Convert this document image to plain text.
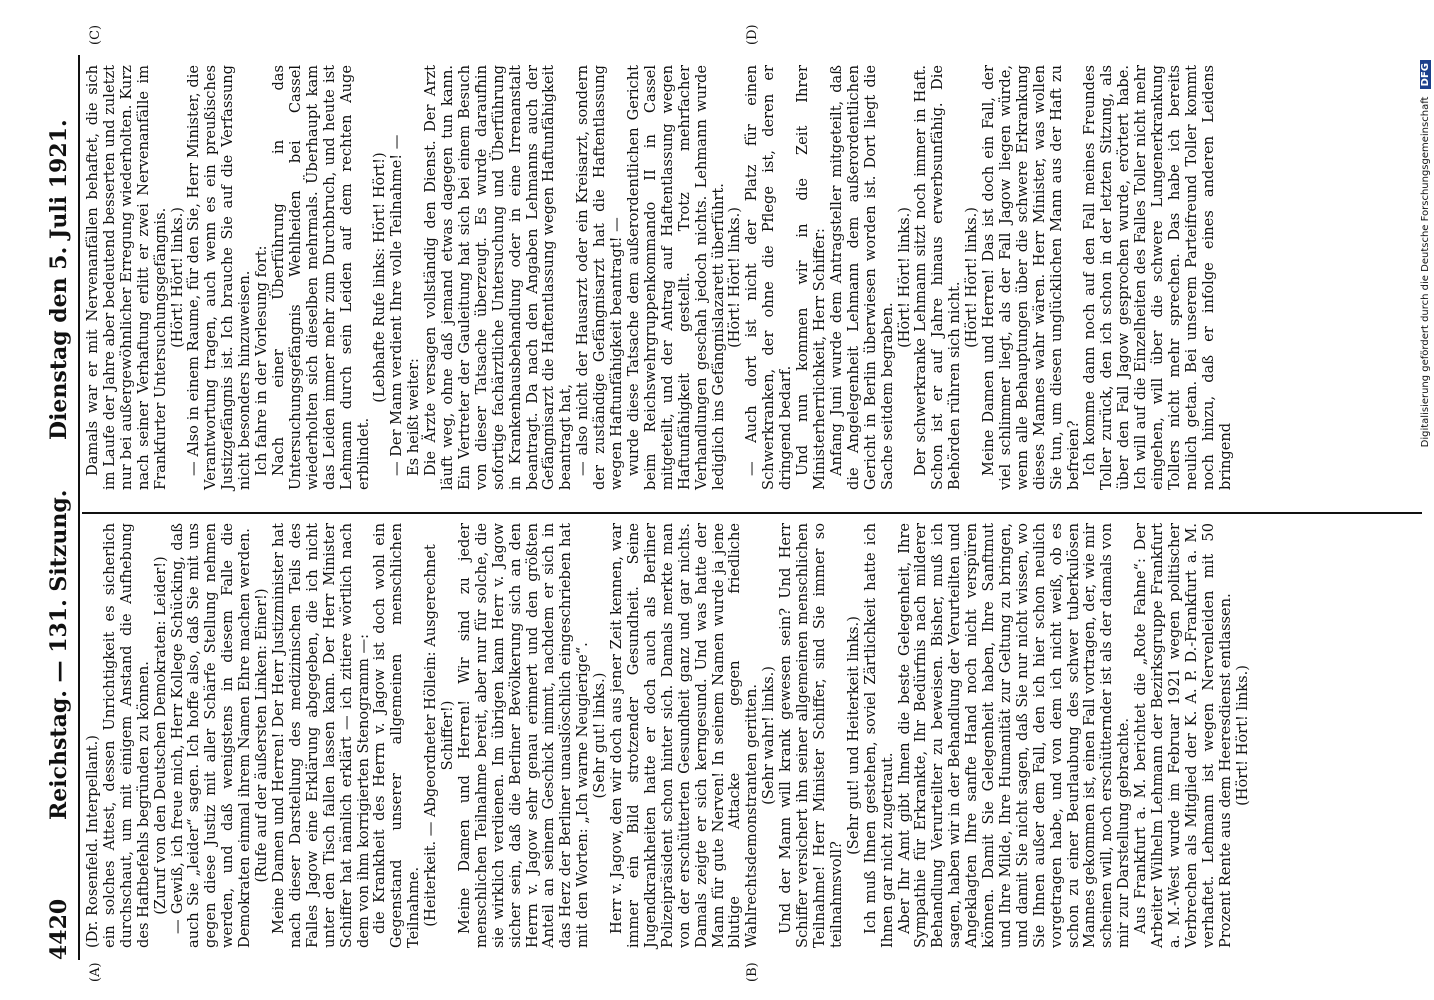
4420
Reichstag. — 131. Sitzung.
Dienstag den 5. Juli 1921.
(A)	(B)
(C)	(D)

(Dr. Rosenfeld. Interpellant.) ein solches Attest, dessen Unrichtigkeit es sicherlich durchschaut, um mit einigem Anstand die Aufhebung des Haftbefehls begründen zu können. (Zuruf von den Deutschen Demokraten: Leider!) — Gewiß, ich freue mich, Herr Kollege Schücking, daß auch Sie „leider“ sagen. Ich hoffe also, daß Sie mit uns gegen diese Justiz mit aller Schärfe Stellung nehmen werden, und daß wenigstens in diesem Falle die Demokraten einmal ihrem Namen Ehre machen werden. (Rufe auf der äußersten Linken: Einer!) Meine Damen und Herren! Der Herr Justizminister hat nach dieser Darstellung des medizinischen Teils des Falles Jagow eine Erklärung abgegeben, die ich nicht unter den Tisch fallen lassen kann. Der Herr Minister Schiffer hat nämlich erklärt — ich zitiere wörtlich nach dem von ihm korrigierten Stenogramm —: die Krankheit des Herrn v. Jagow ist doch wohl ein Gegenstand unserer allgemeinen menschlichen Teilnahme. (Heiterkeit. — Abgeordneter Höllein: Ausgerechnet Schiffer!) Meine Damen und Herren! Wir sind zu jeder menschlichen Teilnahme bereit, aber nur für solche, die sie wirklich verdienen. Im übrigen kann Herr v. Jagow sicher sein, daß die Berliner Bevölkerung sich an den Herrn v. Jagow sehr genau erinnert und den größten Anteil an seinem Geschick nimmt, nachdem er sich in das Herz der Berliner unauslöschlich eingeschrieben hat mit den Worten: „Ich warne Neugierige“. (Sehr gut! links.) Herr v. Jagow, den wir doch aus jener Zeit kennen, war immer ein Bild strotzender Gesundheit. Seine Jugendkrankheiten hatte er doch auch als Berliner Polizeipräsident schon hinter sich. Damals merkte man von der erschütterten Gesundheit ganz und gar nichts. Damals zeigte er sich kerngesund. Und was hatte der Mann für gute Nerven! In seinem Namen wurde ja jene blutige Attacke gegen friedliche Wahlrechtsdemonstranten geritten. (Sehr wahr! links.) Und der Mann will krank gewesen sein? Und Herr Schiffer versichert ihn seiner allgemeinen menschlichen Teilnahme! Herr Minister Schiffer, sind Sie immer so teilnahmsvoll?

(Sehr gut! und Heiterkeit links.) Ich muß Ihnen gestehen, soviel Zärtlichkeit hatte ich Ihnen gar nicht zugetraut. Aber Ihr Amt gibt Ihnen die beste Gelegenheit, Ihre Sympathie für Erkrankte, Ihr Bedürfnis nach milderer Behandlung Verurteilter zu beweisen. Bisher, muß ich sagen, haben wir in der Behandlung der Verurteilten und Angeklagten Ihre sanfte Hand noch nicht verspüren können. Damit Sie Gelegenheit haben, Ihre Sanftmut und Ihre Milde, Ihre Humanität zur Geltung zu bringen, und damit Sie nicht sagen, daß Sie nur nicht wissen, wo Sie Ihnen außer dem Fall, den ich hier schon neulich vorgetragen habe, und von dem ich nicht weiß, ob es schon zu einer Beurlaubung des schwer tuberkulösen Mannes gekommen ist, einen Fall vortragen, der, wie mir scheinen will, noch erschütternder ist als der damals von mir zur Darstellung gebrachte. Aus Frankfurt a. M. berichtet die „Rote Fahne“: Der Arbeiter Wilhelm Lehmann der Bezirksgruppe Frankfurt a. M.-West wurde im Februar 1921 wegen politischer Verbrechen als Mitglied der K. A. P. D.-Frankfurt a. M. verhaftet. Lehmann ist wegen Nervenleiden mit 50 Prozent Rente aus dem Heeresdienst entlassen. (Hört! Hört! links.)

Damals war er mit Nervenanfällen behaftet, die sich im Laufe der Jahre aber bedeutend besserten und zuletzt nur bei außergewöhnlicher Erregung wiederholten. Kurz nach seiner Verhaftung erlitt er zwei Nervenanfälle im Frankfurter Untersuchungsgefängnis. (Hört! Hört! links.) — Also in einem Raume, für den Sie, Herr Minister, die Verantwortung tragen, auch wenn es ein preußisches Justizgefängnis ist. Ich brauche Sie auf die Verfassung nicht besonders hinzuweisen. Ich fahre in der Vorlesung fort: Nach einer Überführung in das Untersuchungsgefängnis Wehlheiden bei Cassel wiederholten sich dieselben mehrmals. Überhaupt kam das Leiden immer mehr zum Durchbruch, und heute ist Lehmann durch sein Leiden auf dem rechten Auge erblindet.

(Lebhafte Rufe links: Hört! Hört!) — Der Mann verdient Ihre volle Teilnahme! — Es heißt weiter: Die Ärzte versagen vollständig den Dienst. Der Arzt läuft weg, ohne daß jemand etwas dagegen tun kann. Ein Vertreter der Gauleitung hat sich bei einem Besuch von dieser Tatsache überzeugt. Es wurde daraufhin sofortige fachärztliche Untersuchung und Überführung in Krankenhausbehandlung oder in eine Irrenanstalt beantragt. Da nach den Angaben Lehmanns auch der Gefängnisarzt die Haftentlassung wegen Haftunfähigkeit beantragt hat, — also nicht der Hausarzt oder ein Kreisarzt, sondern der zuständige Gefängnisarzt hat die Haftentlassung wegen Haftunfähigkeit beantragt! — wurde diese Tatsache dem außerordentlichen Gericht beim Reichswehrgruppenkommando II in Cassel mitgeteilt, und der Antrag auf Haftentlassung wegen Haftunfähigkeit gestellt. Trotz mehrfacher Verhandlungen geschah jedoch nichts. Lehmann wurde lediglich ins Gefängnislazarett überführt. (Hört! Hört! links.) — Auch dort ist nicht der Platz für einen Schwerkranken, der ohne die Pflege ist, deren er dringend bedarf. Und nun kommen wir in die Zeit Ihrer Ministerherrlichkeit, Herr Schiffer: Anfang Juni wurde dem Antragsteller mitgeteilt, daß die Angelegenheit Lehmann dem außerordentlichen Gericht in Berlin überwiesen worden ist. Dort liegt die Sache seitdem begraben.

(Hört! Hört! links.) Der schwerkranke Lehmann sitzt noch immer in Haft. Schon ist er auf Jahre hinaus erwerbsunfähig. Die Behörden rühren sich nicht.

(Hört! Hört! links.) Meine Damen und Herren! Das ist doch ein Fall, der viel schlimmer liegt, als der Fall Jagow liegen würde, wenn alle Behauptungen über die schwere Erkrankung dieses Mannes wahr wären. Herr Minister, was wollen Sie tun, um diesen unglücklichen Mann aus der Haft zu befreien? Ich komme dann noch auf den Fall meines Freundes Toller zurück, den ich schon in der letzten Sitzung, als über den Fall Jagow gesprochen wurde, erörtert habe. Ich will auf die Einzelheiten des Falles Toller nicht mehr eingehen, will über die schwere Lungenerkrankung Tollers nicht mehr sprechen. Das habe ich bereits neulich getan. Bei unserem Parteifreund Toller kommt noch hinzu, daß er infolge eines anderen Leidens bringend

Digitalisierung gefördert durch die Deutsche Forschungsgemeinschaft DFG
